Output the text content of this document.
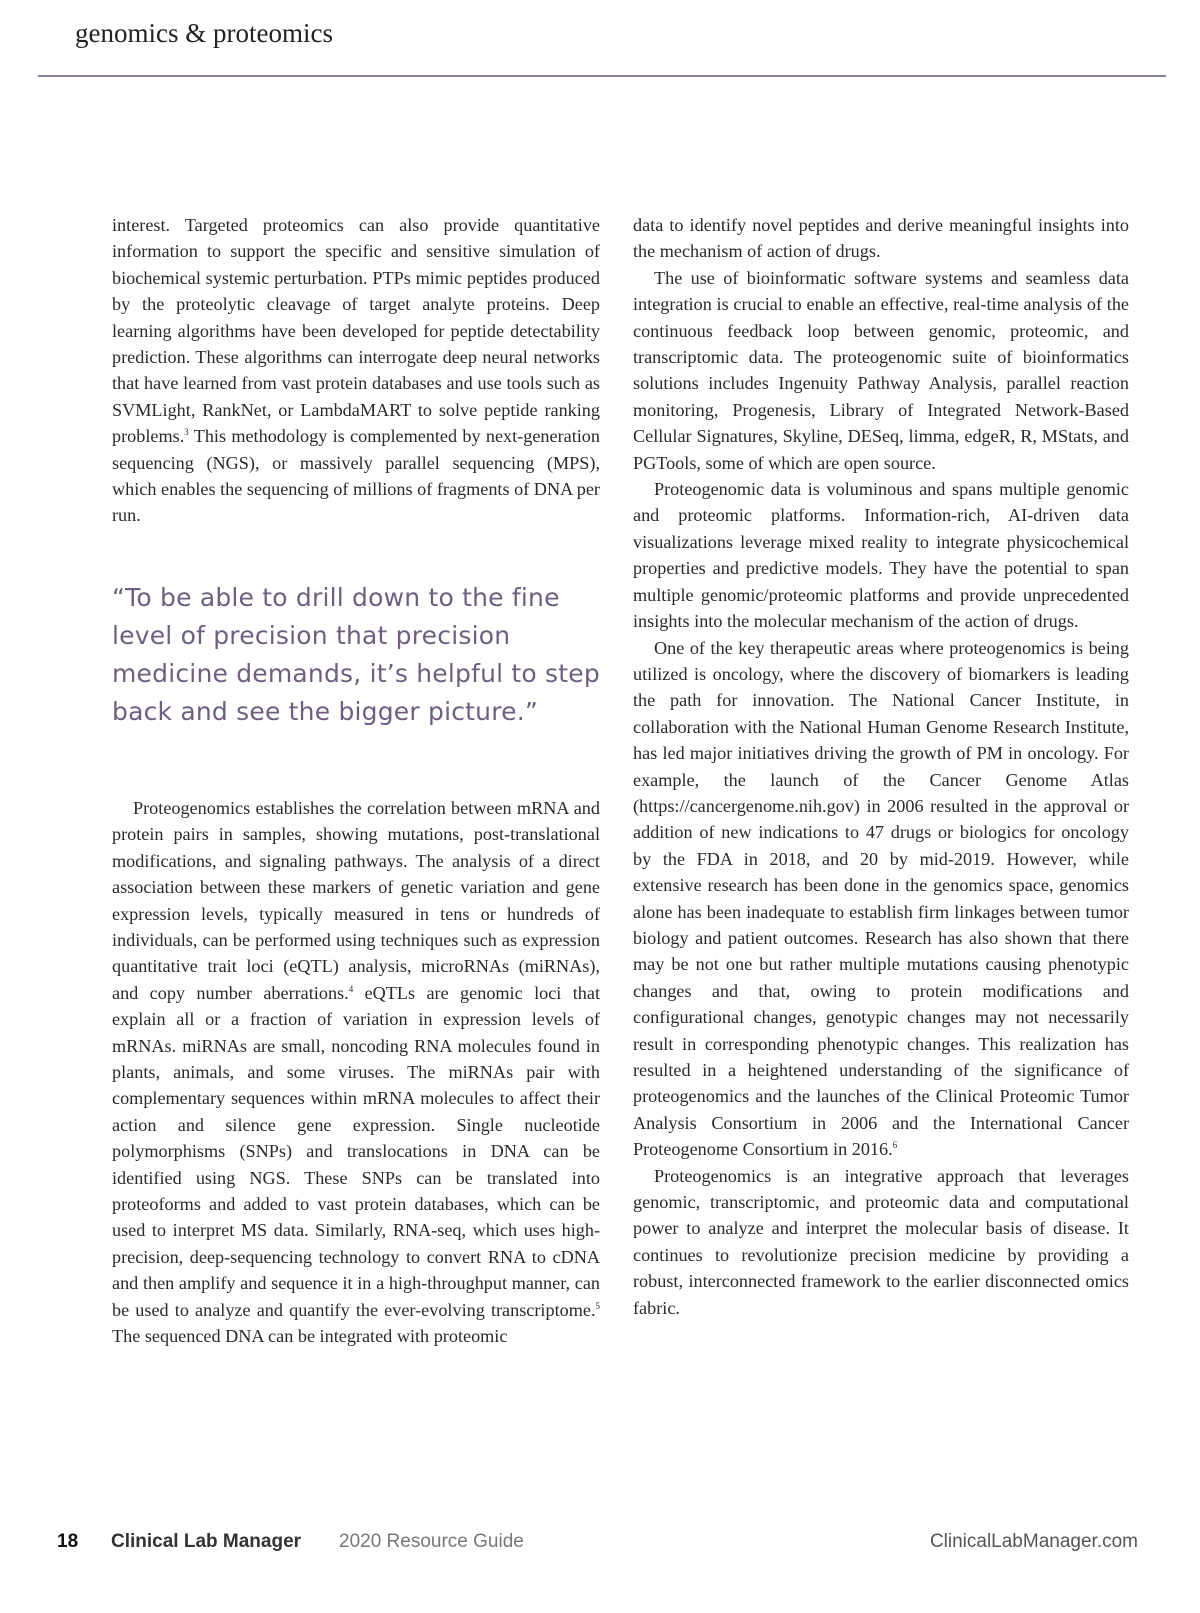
genomics & proteomics

interest. Targeted proteomics can also provide quantitative information to support the specific and sensitive simulation of biochemical systemic perturbation. PTPs mimic peptides produced by the proteolytic cleavage of target analyte proteins. Deep learning algorithms have been developed for peptide detectability prediction. These algorithms can interrogate deep neural networks that have learned from vast protein databases and use tools such as SVMLight, RankNet, or LambdaMART to solve peptide ranking problems.$^3$ This methodology is complemented by next-generation sequencing (NGS), or massively parallel sequencing (MPS), which enables the sequencing of millions of fragments of DNA per run.

“To be able to drill down to the fine level of precision that precision medicine demands, it’s helpful to step back and see the bigger picture.”

Proteogenomics establishes the correlation between mRNA and protein pairs in samples, showing mutations, post-translational modifications, and signaling pathways. The analysis of a direct association between these markers of genetic variation and gene expression levels, typically measured in tens or hundreds of individuals, can be performed using techniques such as expression quantitative trait loci (eQTL) analysis, microRNAs (miRNAs), and copy number aberrations.$^4$ eQTLs are genomic loci that explain all or a fraction of variation in expression levels of mRNAs. miRNAs are small, noncoding RNA molecules found in plants, animals, and some viruses. The miRNAs pair with complementary sequences within mRNA molecules to affect their action and silence gene expression. Single nucleotide polymorphisms (SNPs) and translocations in DNA can be identified using NGS. These SNPs can be translated into proteoforms and added to vast protein databases, which can be used to interpret MS data. Similarly, RNA-seq, which uses high-precision, deep-sequencing technology to convert RNA to cDNA and then amplify and sequence it in a high-throughput manner, can be used to analyze and quantify the ever-evolving transcriptome.$^5$ The sequenced DNA can be integrated with proteomic

data to identify novel peptides and derive meaningful insights into the mechanism of action of drugs.

The use of bioinformatic software systems and seamless data integration is crucial to enable an effective, real-time analysis of the continuous feedback loop between genomic, proteomic, and transcriptomic data. The proteogenomic suite of bioinformatics solutions includes Ingenuity Pathway Analysis, parallel reaction monitoring, Progenesis, Library of Integrated Network-Based Cellular Signatures, Skyline, DESeq, limma, edgeR, R, MStats, and PGTools, some of which are open source.

Proteogenomic data is voluminous and spans multiple genomic and proteomic platforms. Information-rich, AI-driven data visualizations leverage mixed reality to integrate physicochemical properties and predictive models. They have the potential to span multiple genomic/proteomic platforms and provide unprecedented insights into the molecular mechanism of the action of drugs.

One of the key therapeutic areas where proteogenomics is being utilized is oncology, where the discovery of biomarkers is leading the path for innovation. The National Cancer Institute, in collaboration with the National Human Genome Research Institute, has led major initiatives driving the growth of PM in oncology. For example, the launch of the Cancer Genome Atlas (https://cancergenome.nih.gov) in 2006 resulted in the approval or addition of new indications to 47 drugs or biologics for oncology by the FDA in 2018, and 20 by mid-2019. However, while extensive research has been done in the genomics space, genomics alone has been inadequate to establish firm linkages between tumor biology and patient outcomes. Research has also shown that there may be not one but rather multiple mutations causing phenotypic changes and that, owing to protein modifications and configurational changes, genotypic changes may not necessarily result in corresponding phenotypic changes. This realization has resulted in a heightened understanding of the significance of proteogenomics and the launches of the Clinical Proteomic Tumor Analysis Consortium in 2006 and the International Cancer Proteogenome Consortium in 2016.$^6$

Proteogenomics is an integrative approach that leverages genomic, transcriptomic, and proteomic data and computational power to analyze and interpret the molecular basis of disease. It continues to revolutionize precision medicine by providing a robust, interconnected framework to the earlier disconnected omics fabric.

18 Clinical Lab Manager 2020 Resource Guide	ClinicalLabManager.com
